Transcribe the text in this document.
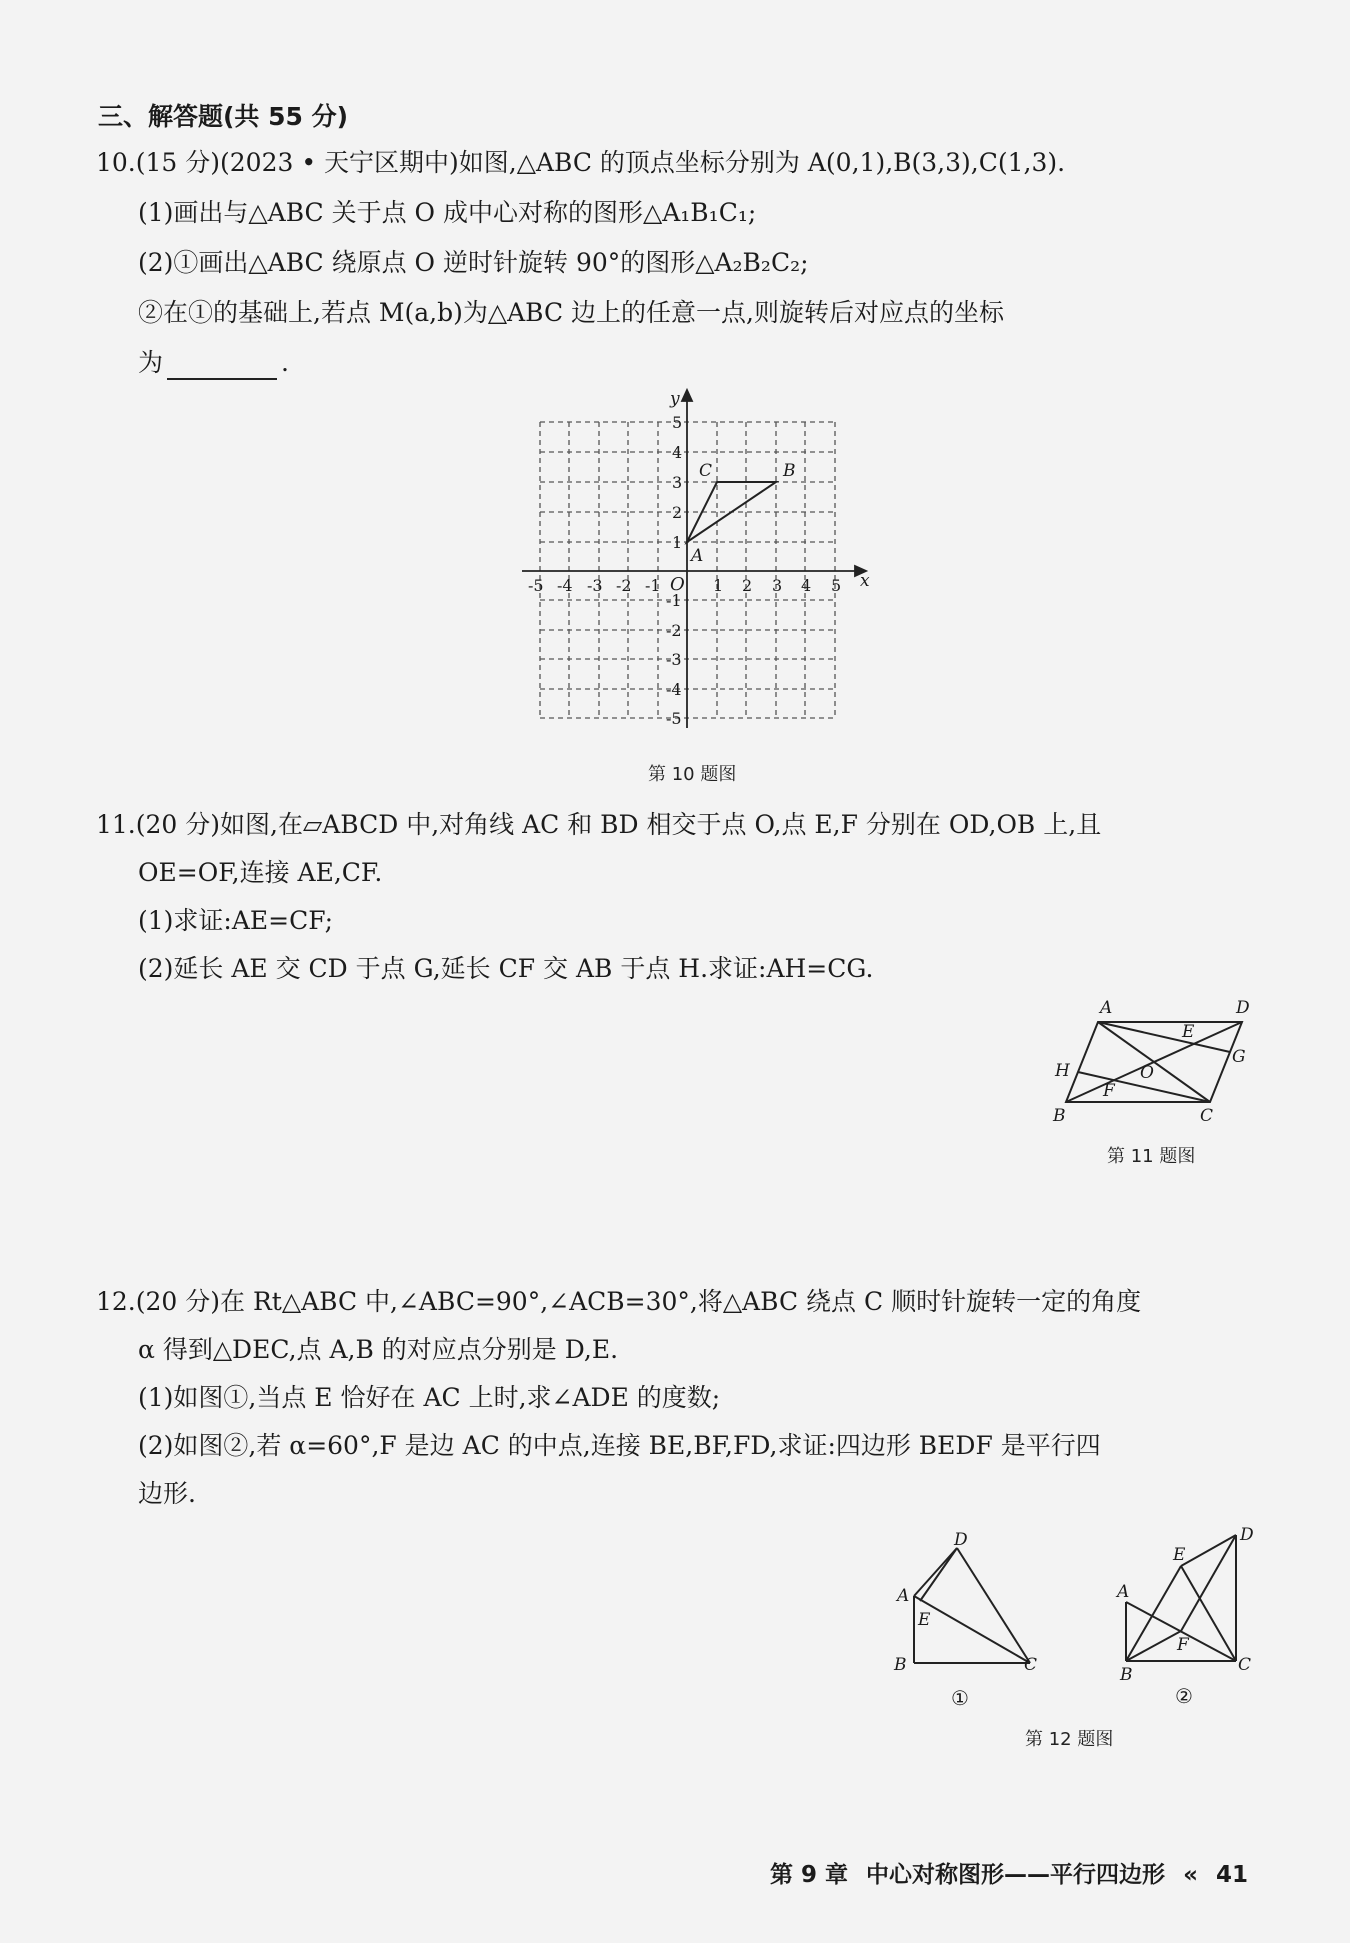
三、解答题(共 55 分)
10.(15 分)(2023 • 天宁区期中)如图,△ABC 的顶点坐标分别为 A(0,1),B(3,3),C(1,3).
(1)画出与△ABC 关于点 O 成中心对称的图形△A₁B₁C₁;
(2)①画出△ABC 绕原点 O 逆时针旋转 90°的图形△A₂B₂C₂;
②在①的基础上,若点 M(a,b)为△ABC 边上的任意一点,则旋转后对应点的坐标
为	.
x
y
O
-5 -4 -3 -2 -1	1 2 3 4 5
5
4
3
2
1
-1
-2
-3
-4
-5
A
B
C
第 10 题图
11.(20 分)如图,在▱ABCD 中,对角线 AC 和 BD 相交于点 O,点 E,F 分别在 OD,OB 上,且
OE=OF,连接 AE,CF.
(1)求证:AE=CF;
(2)延长 AE 交 CD 于点 G,延长 CF 交 AB 于点 H.求证:AH=CG.
A	D
E
G
H	O
F
B	C
第 11 题图
12.(20 分)在 Rt△ABC 中,∠ABC=90°,∠ACB=30°,将△ABC 绕点 C 顺时针旋转一定的角度
α 得到△DEC,点 A,B 的对应点分别是 D,E.
(1)如图①,当点 E 恰好在 AC 上时,求∠ADE 的度数;
(2)如图②,若 α=60°,F 是边 AC 的中点,连接 BE,BF,FD,求证:四边形 BEDF 是平行四
边形.
D
A
E
B	C
①
D
E
A
F
B	C
②
第 12 题图
第 9 章 中心对称图形——平行四边形 « 41
